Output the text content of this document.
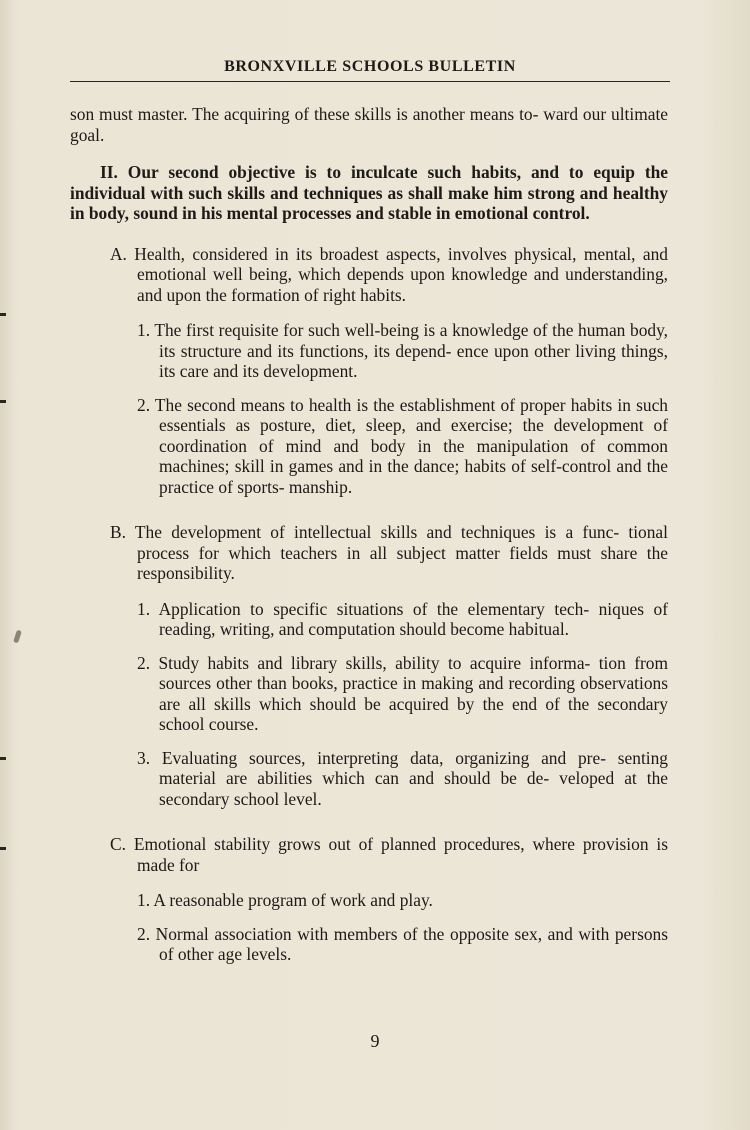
BRONXVILLE SCHOOLS BULLETIN

son must master. The acquiring of these skills is another means to‑ ward our ultimate goal.

II. Our second objective is to inculcate such habits, and to equip the individual with such skills and techniques as shall make him strong and healthy in body, sound in his mental processes and stable in emotional control.

A. Health, considered in its broadest aspects, involves physical, mental, and emotional well being, which depends upon knowledge and understanding, and upon the formation of right habits.

1. The first requisite for such well‑being is a knowledge of the human body, its structure and its functions, its depend‑ ence upon other living things, its care and its development.

2. The second means to health is the establishment of proper habits in such essentials as posture, diet, sleep, and exercise; the development of coordination of mind and body in the manipulation of common machines; skill in games and in the dance; habits of self‑control and the practice of sports‑ manship.

B. The development of intellectual skills and techniques is a func‑ tional process for which teachers in all subject matter fields must share the responsibility.

1. Application to specific situations of the elementary tech‑ niques of reading, writing, and computation should become habitual.

2. Study habits and library skills, ability to acquire informa‑ tion from sources other than books, practice in making and recording observations are all skills which should be acquired by the end of the secondary school course.

3. Evaluating sources, interpreting data, organizing and pre‑ senting material are abilities which can and should be de‑ veloped at the secondary school level.

C. Emotional stability grows out of planned procedures, where provision is made for

1. A reasonable program of work and play.

2. Normal association with members of the opposite sex, and with persons of other age levels.

9
